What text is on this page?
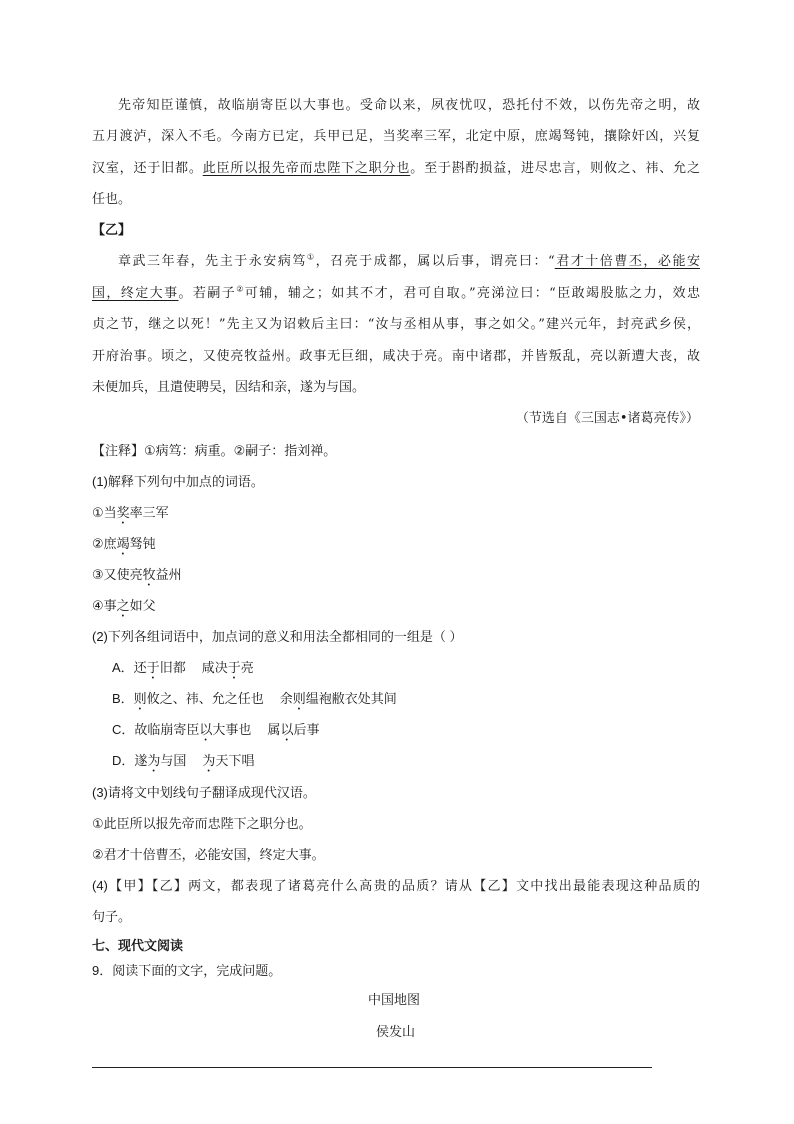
先帝知臣谨慎，故临崩寄臣以大事也。受命以来，夙夜忧叹，恐托付不效，以伤先帝之明，故
五月渡泸，深入不毛。今南方已定，兵甲已足，当奖率三军，北定中原，庶竭驽钝，攘除奸凶，兴复
汉室，还于旧都。此臣所以报先帝而忠陛下之职分也。至于斟酌损益，进尽忠言，则攸之、祎、允之
任也。
【乙】
章武三年春，先主于永安病笃①，召亮于成都，属以后事，谓亮曰：“君才十倍曹丕，必能安
国，终定大事。若嗣子②可辅，辅之；如其不才，君可自取。”亮涕泣曰：“臣敢竭股肱之力，效忠
贞之节，继之以死！”先主又为诏敕后主曰：“汝与丞相从事，事之如父。”建兴元年，封亮武乡侯，
开府治事。顷之，又使亮牧益州。政事无巨细，咸决于亮。南中诸郡，并皆叛乱，亮以新遭大丧，故
未便加兵，且遣使聘吴，因结和亲，遂为与国。
（节选自《三国志•诸葛亮传》）
【注释】①病笃：病重。②嗣子：指刘禅。
(1)解释下列句中加点的词语。
①当奖率三军
②庶竭驽钝
③又使亮牧益州
④事之如父
(2)下列各组词语中，加点词的意义和用法全都相同的一组是（ ）
A．还于旧都 咸决于亮
B．则攸之、祎、允之任也 余则缊袍敝衣处其间
C．故临崩寄臣以大事也 属以后事
D．遂为与国 为天下唱
(3)请将文中划线句子翻译成现代汉语。
①此臣所以报先帝而忠陛下之职分也。
②君才十倍曹丕，必能安国，终定大事。
(4)【甲】【乙】两文，都表现了诸葛亮什么高贵的品质？请从【乙】文中找出最能表现这种品质的
句子。
七、现代文阅读
9．阅读下面的文字，完成问题。
中国地图
侯发山
